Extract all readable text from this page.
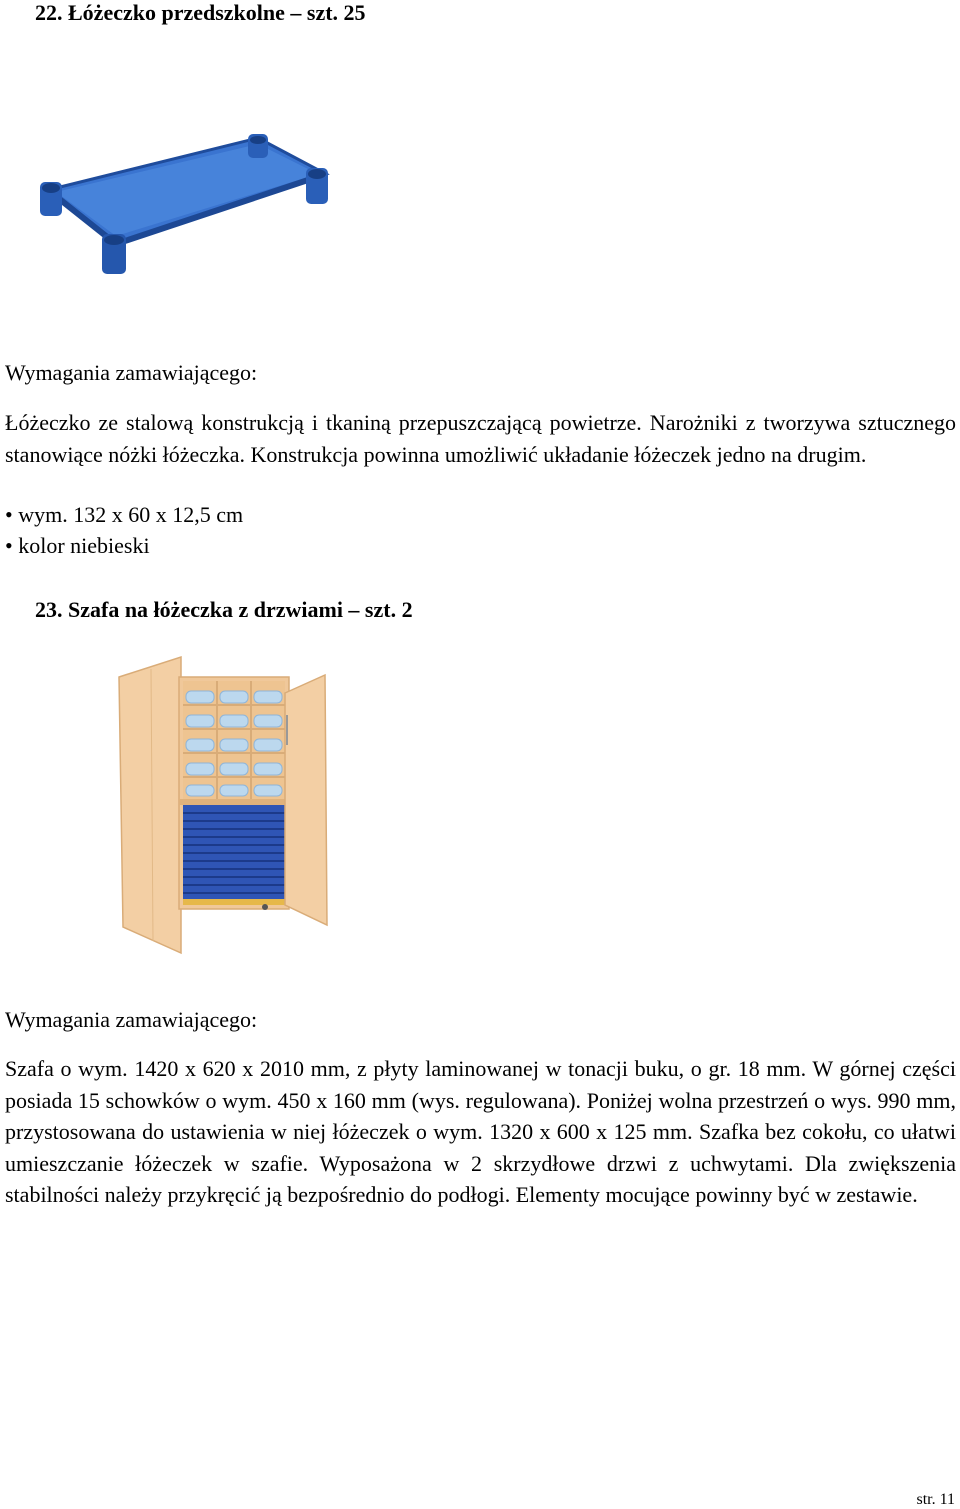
22. Łóżeczko przedszkolne – szt. 25

Wymagania zamawiającego:

Łóżeczko ze stalową konstrukcją i tkaniną przepuszczającą powietrze. Narożniki z tworzywa sztucznego stanowiące nóżki łóżeczka. Konstrukcja powinna umożliwić układanie łóżeczek jedno na drugim.

• wym. 132 x 60 x 12,5 cm

• kolor niebieski

23. Szafa na łóżeczka z drzwiami – szt. 2

Wymagania zamawiającego:

Szafa o wym. 1420 x 620 x 2010 mm, z płyty laminowanej w tonacji buku, o gr. 18 mm. W górnej części posiada 15 schowków o wym. 450 x 160 mm (wys. regulowana). Poniżej wolna przestrzeń o wys. 990 mm, przystosowana do ustawienia w niej łóżeczek o wym. 1320 x 600 x 125 mm. Szafka bez cokołu, co ułatwi umieszczanie łóżeczek w szafie. Wyposażona w 2 skrzydłowe drzwi z uchwytami. Dla zwiększenia stabilności należy przykręcić ją bezpośrednio do podłogi. Elementy mocujące powinny być w zestawie.

str. 11
